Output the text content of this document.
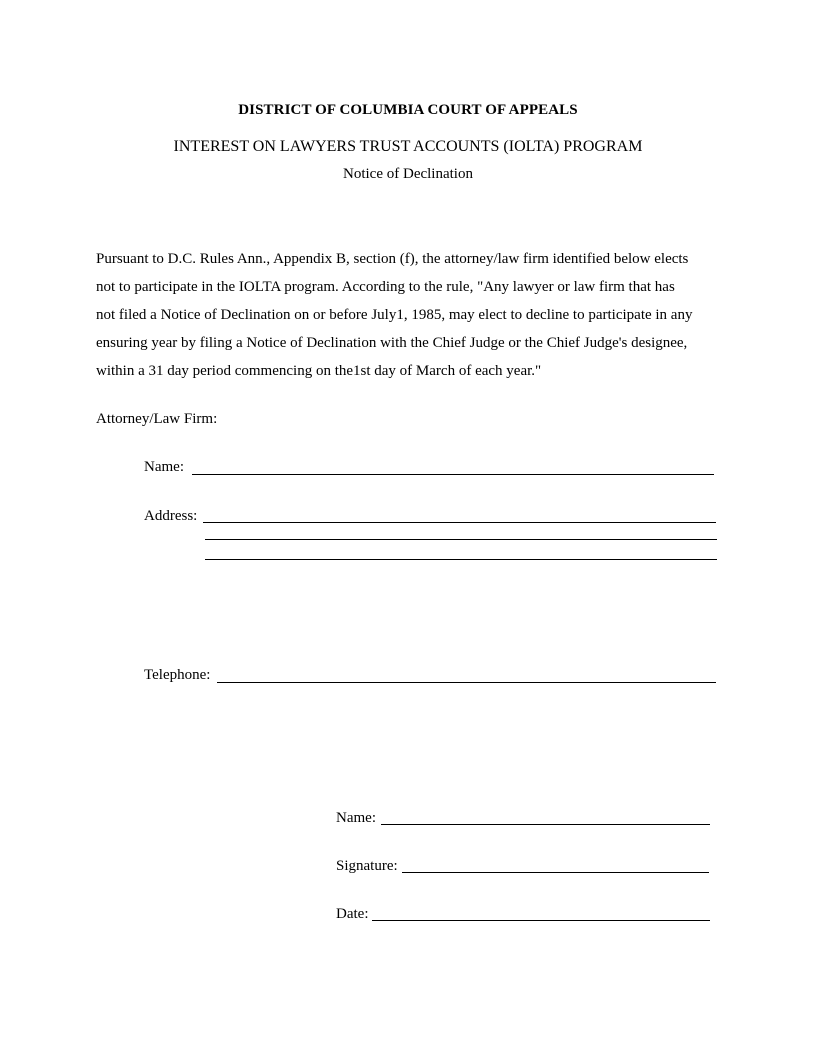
DISTRICT OF COLUMBIA COURT OF APPEALS
INTEREST ON LAWYERS TRUST ACCOUNTS (IOLTA) PROGRAM
Notice of Declination
Pursuant to D.C. Rules Ann., Appendix B, section (f), the attorney/law firm identified below elects
not to participate in the IOLTA program. According to the rule, "Any lawyer or law firm that has
not filed a Notice of Declination on or before July1, 1985, may elect to decline to participate in any
ensuring year by filing a Notice of Declination with the Chief Judge or the Chief Judge's designee,
within a 31 day period commencing on the1st day of March of each year."
Attorney/Law Firm:
Name:
Address:
Telephone:
Name:
Signature:
Date:
